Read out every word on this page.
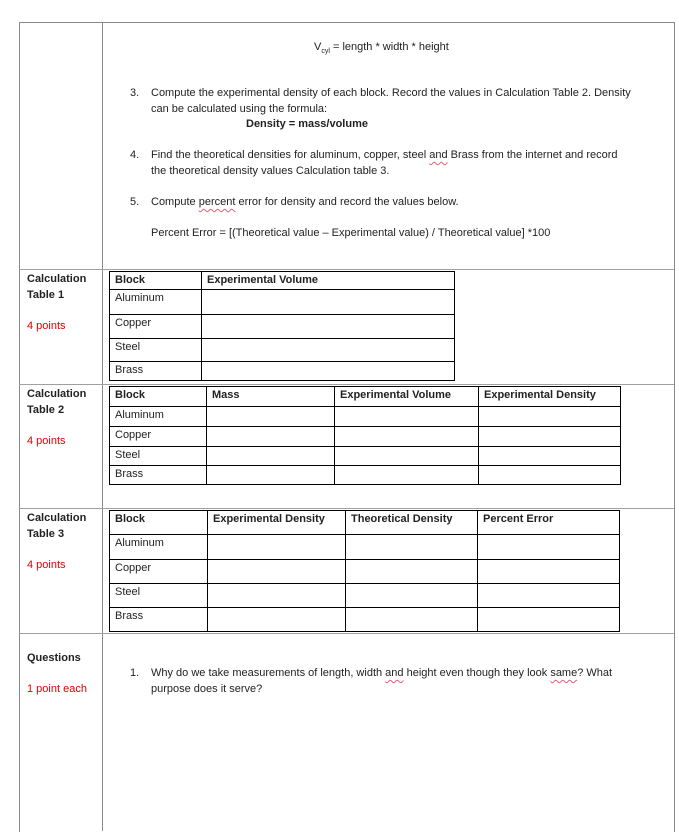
$V_{cyl}$ = length * width * height
3. Compute the experimental density of each block. Record the values in Calculation Table 2. Density
can be calculated using the formula:
Density = mass/volume
4. Find the theoretical densities for aluminum, copper, steel and Brass from the internet and record
the theoretical density values Calculation table 3.
5. Compute percent error for density and record the values below.
Percent Error = [(Theoretical value – Experimental value) / Theoretical value] *100
Calculation
Table 1
4 points
Calculation
Table 2
4 points
Calculation
Table 3
4 points
Questions
1 point each
Block	Experimental Volume
Aluminum	
Copper	
Steel	
Brass	
Block	Mass	Experimental Volume	Experimental Density
Aluminum			
Copper			
Steel			
Brass			
Block	Experimental Density	Theoretical Density	Percent Error
Aluminum			
Copper			
Steel			
Brass			
1. Why do we take measurements of length, width and height even though they look same? What
purpose does it serve?
